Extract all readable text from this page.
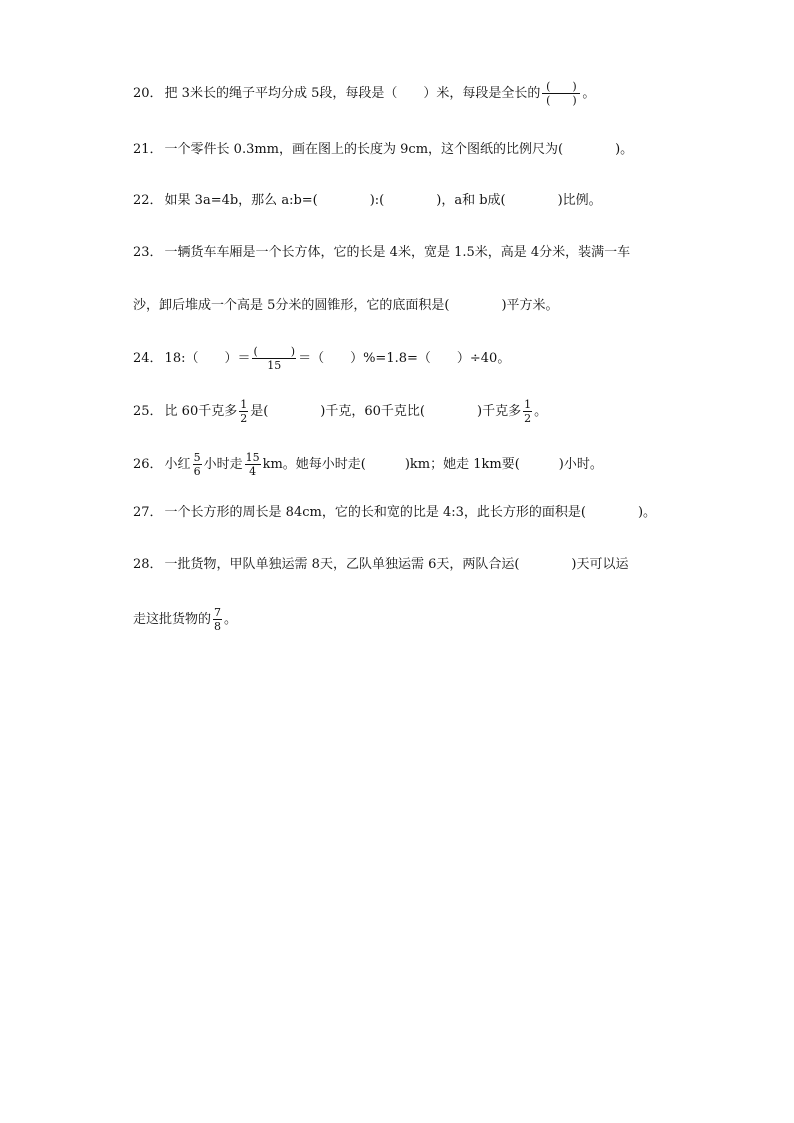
20． 把 3米长的绳子平均分成 5段，每段是（　　）米，每段是全长的 $\frac{( )}{( )}$ 。
21． 一个零件长 0.3mm，画在图上的长度为 9cm，这个图纸的比例尺为(　　　　)。
22． 如果 3a=4b，那么 a:b=(　　　　):(　　　　)，a和 b成(　　　　)比例。
23． 一辆货车车厢是一个长方体，它的长是 4米，宽是 1.5米，高是 4分米，装满一车
沙，卸后堆成一个高是 5分米的圆锥形，它的底面积是(　　　　)平方米。
24． 18:（　　）＝ $\frac{( )}{15}$ ＝（　　）%=1.8=（　　）÷40。
25． 比 60千克多 $\frac{1}{2}$ 是(　　　　)千克，60千克比(　　　　)千克多 $\frac{1}{2}$ 。
26． 小红 $\frac{5}{6}$ 小时走 $\frac{15}{4}$ km。她每小时走(　　　)km；她走 1km要(　　　)小时。
27． 一个长方形的周长是 84cm，它的长和宽的比是 4:3，此长方形的面积是(　　　　)。
28． 一批货物，甲队单独运需 8天，乙队单独运需 6天，两队合运(　　　　)天可以运
走这批货物的 $\frac{7}{8}$ 。
